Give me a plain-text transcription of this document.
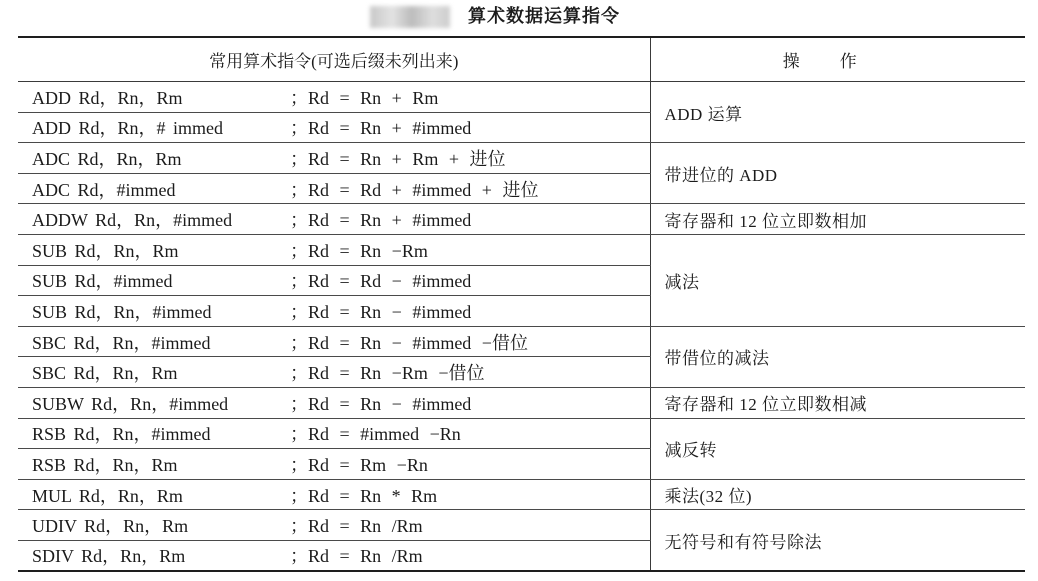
算术数据运算指令
常用算术指令(可选后缀未列出来)	操　　作

ADD Rd，Rn，Rm ；Rd = Rn + Rm	ADD 运算

ADD Rd，Rn，# immed ；Rd = Rn + #immed	

ADC Rd，Rn，Rm ；Rd = Rn + Rm + 进位	带进位的 ADD

ADC Rd，#immed ；Rd = Rd + #immed + 进位	

ADDW Rd，Rn，#immed ；Rd = Rn + #immed	寄存器和 12 位立即数相加

SUB Rd，Rn，Rm ；Rd = Rn −Rm	减法

SUB Rd，#immed ；Rd = Rd − #immed	

SUB Rd，Rn，#immed ；Rd = Rn − #immed	

SBC Rd，Rn，#immed ；Rd = Rn − #immed −借位	带借位的减法

SBC Rd，Rn，Rm ；Rd = Rn −Rm −借位	

SUBW Rd，Rn，#immed ；Rd = Rn − #immed	寄存器和 12 位立即数相减

RSB Rd，Rn，#immed ；Rd = #immed −Rn	减反转

RSB Rd，Rn，Rm ；Rd = Rm −Rn	

MUL Rd，Rn，Rm ；Rd = Rn * Rm	乘法(32 位)

UDIV Rd，Rn，Rm ；Rd = Rn /Rm	无符号和有符号除法

SDIV Rd，Rn，Rm ；Rd = Rn /Rm	
